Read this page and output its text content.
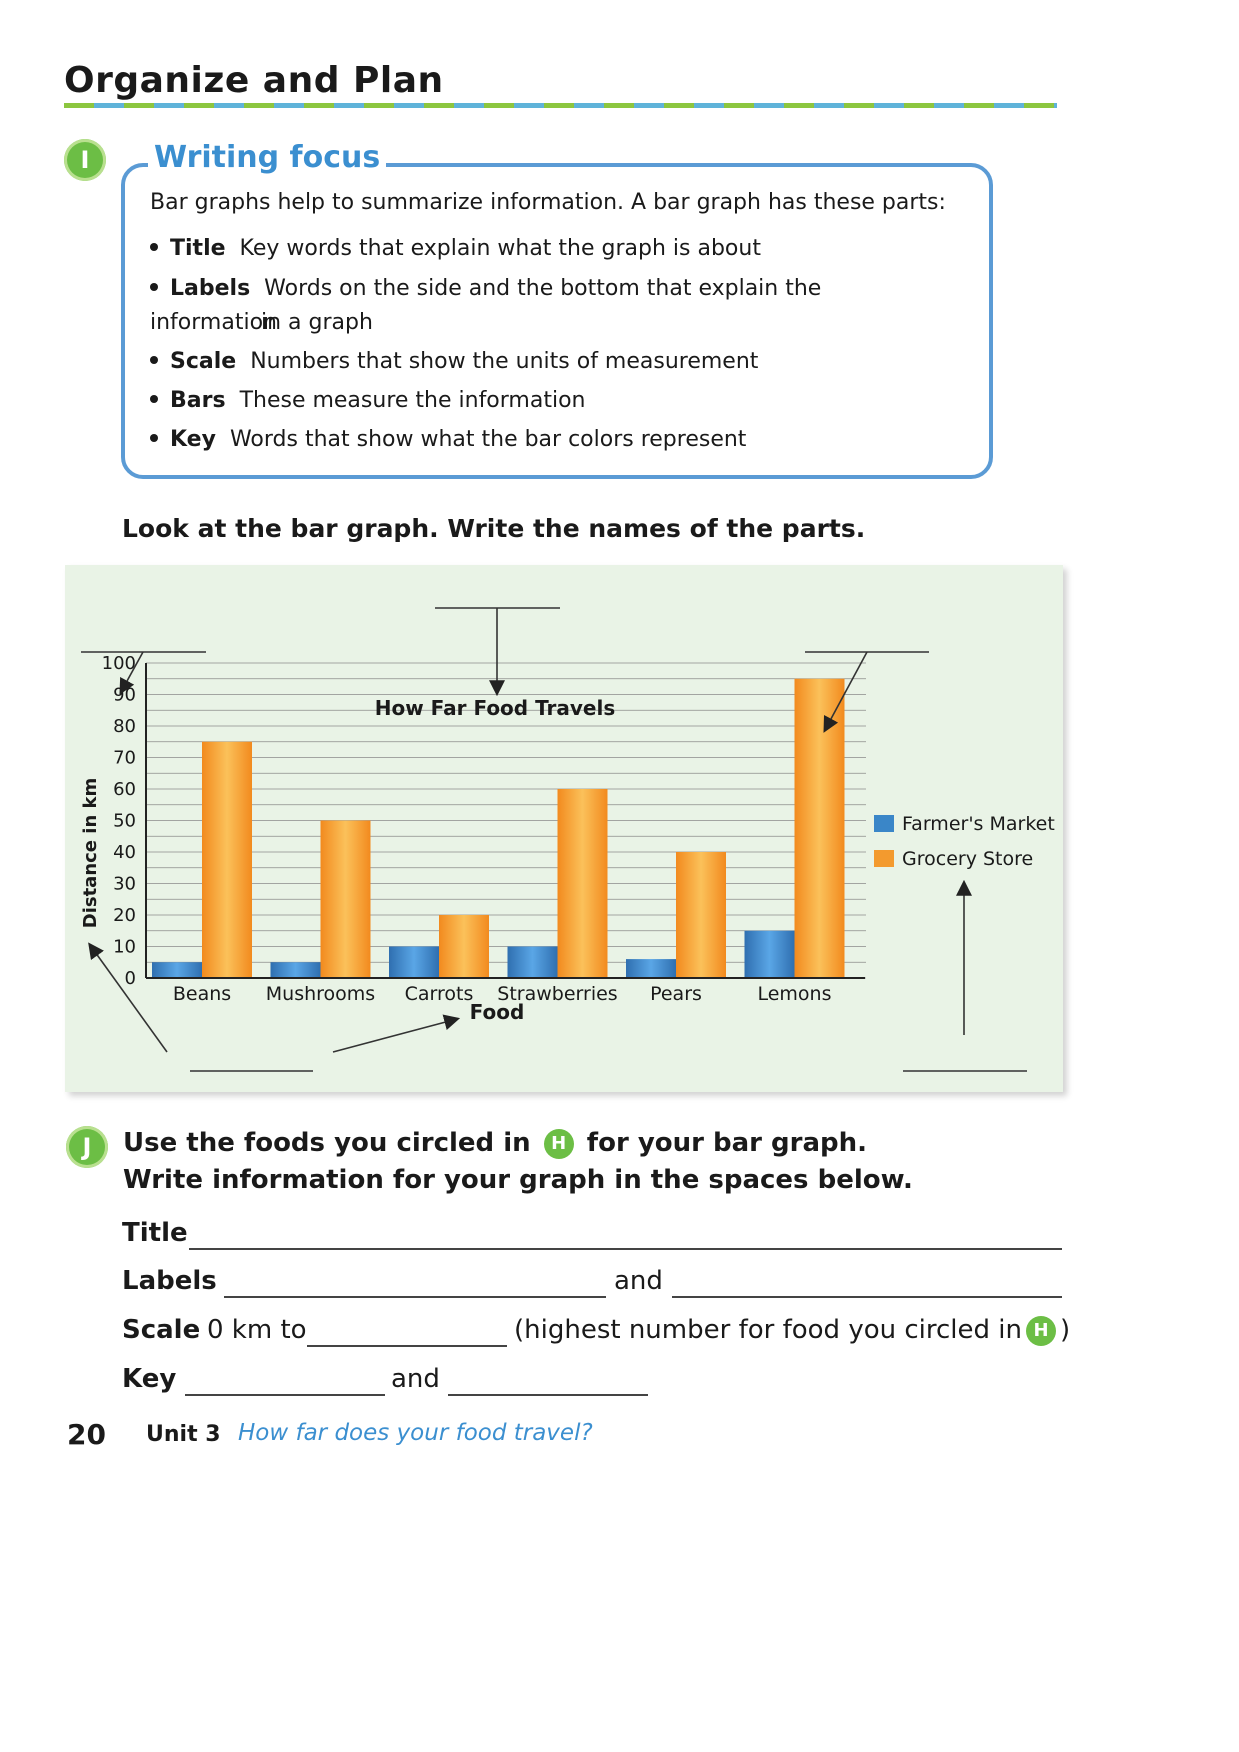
Organize and Plan
I	Writing focus
Bar graphs help to summarize information. A bar graph has these parts:
Title Key words that explain what the graph is about
Labels Words on the side and the bottom that explain the information
in a graph
Scale Numbers that show the units of measurement
Bars These measure the information
Key Words that show what the bar colors represent
Look at the bar graph. Write the names of the parts.
0
10
20
30
40
50
60
70
80
90
100
Beans Mushrooms Carrots Strawberries Pears	Lemons
How Far Food Travels
Food
Distance in km	Farmer's Market
Grocery Store
J	Use the foods you circled in H for your bar graph.
Write information for your graph in the spaces below.
Title
Labels	and
Scale 0 km to	(highest number for food you circled in H )
Key	and
20 Unit 3 How far does your food travel?
